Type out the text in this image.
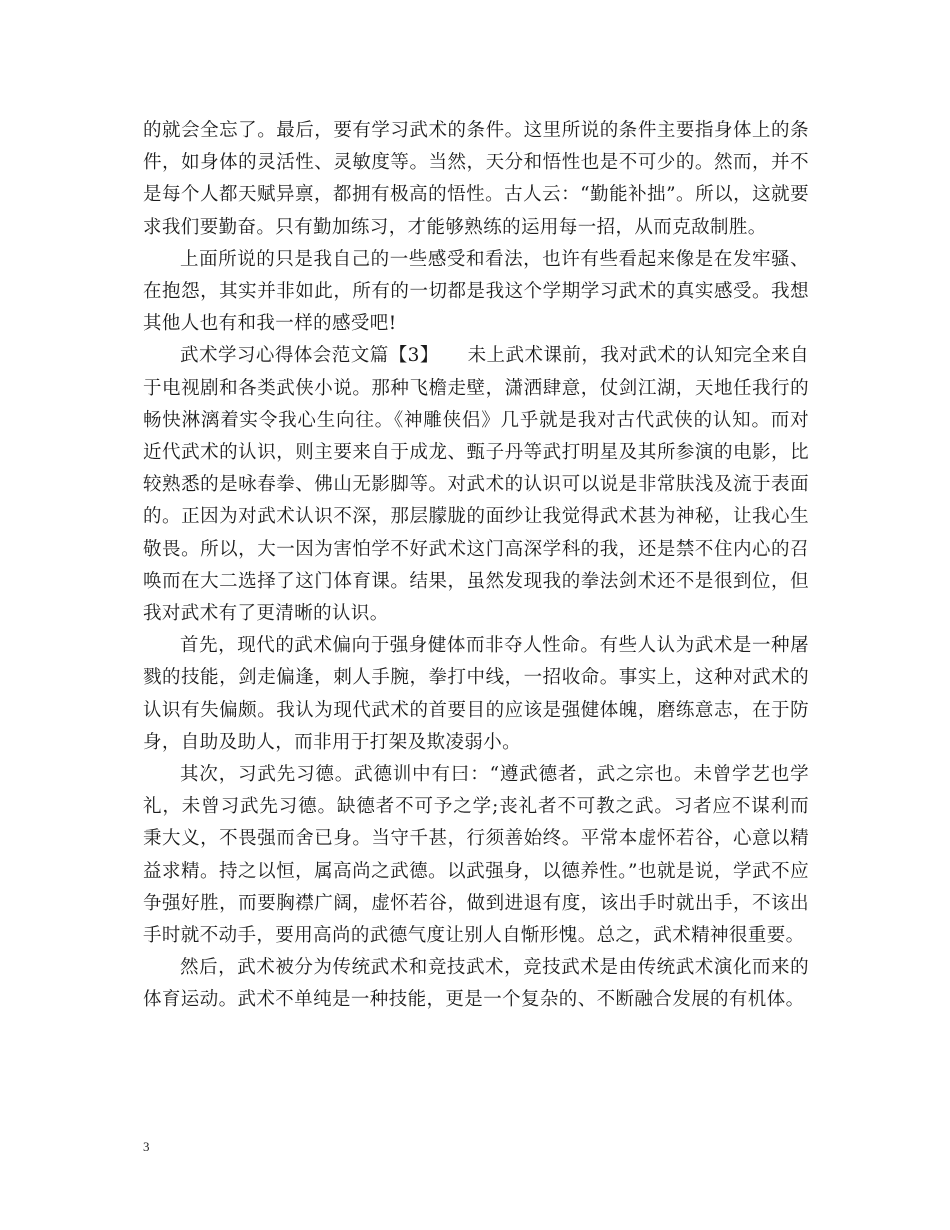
的就会全忘了。最后，要有学习武术的条件。这里所说的条件主要指身体上的条件，如身体的灵活性、灵敏度等。当然，天分和悟性也是不可少的。然而，并不是每个人都天赋异禀，都拥有极高的悟性。古人云：“勤能补拙”。所以，这就要求我们要勤奋。只有勤加练习，才能够熟练的运用每一招，从而克敌制胜。

上面所说的只是我自己的一些感受和看法，也许有些看起来像是在发牢骚、在抱怨，其实并非如此，所有的一切都是我这个学期学习武术的真实感受。我想其他人也有和我一样的感受吧!

武术学习心得体会范文篇【3】　　未上武术课前，我对武术的认知完全来自于电视剧和各类武侠小说。那种飞檐走壁，潇洒肆意，仗剑江湖，天地任我行的畅快淋漓着实令我心生向往。《神雕侠侣》几乎就是我对古代武侠的认知。而对近代武术的认识，则主要来自于成龙、甄子丹等武打明星及其所参演的电影，比较熟悉的是咏春拳、佛山无影脚等。对武术的认识可以说是非常肤浅及流于表面的。正因为对武术认识不深，那层朦胧的面纱让我觉得武术甚为神秘，让我心生敬畏。所以，大一因为害怕学不好武术这门高深学科的我，还是禁不住内心的召唤而在大二选择了这门体育课。结果，虽然发现我的拳法剑术还不是很到位，但我对武术有了更清晰的认识。

首先，现代的武术偏向于强身健体而非夺人性命。有些人认为武术是一种屠戮的技能，剑走偏逢，刺人手腕，拳打中线，一招收命。事实上，这种对武术的认识有失偏颇。我认为现代武术的首要目的应该是强健体魄，磨练意志，在于防身，自助及助人，而非用于打架及欺凌弱小。

其次，习武先习德。武德训中有曰：“遵武德者，武之宗也。未曾学艺也学礼，未曾习武先习德。缺德者不可予之学;丧礼者不可教之武。习者应不谋利而秉大义，不畏强而舍已身。当守千甚，行须善始终。平常本虚怀若谷，心意以精益求精。持之以恒，属高尚之武德。以武强身，以德养性。”也就是说，学武不应争强好胜，而要胸襟广阔，虚怀若谷，做到进退有度，该出手时就出手，不该出手时就不动手，要用高尚的武德气度让别人自惭形愧。总之，武术精神很重要。

然后，武术被分为传统武术和竞技武术，竞技武术是由传统武术演化而来的体育运动。武术不单纯是一种技能，更是一个复杂的、不断融合发展的有机体。

3
